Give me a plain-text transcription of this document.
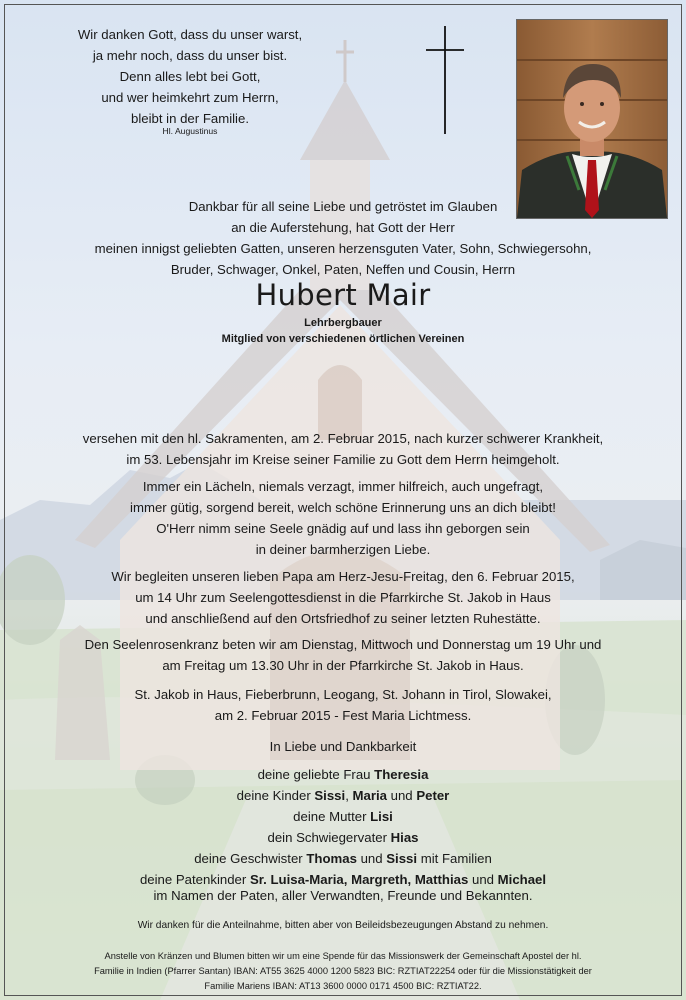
Wir danken Gott, dass du unser warst,
ja mehr noch, dass du unser bist.
Denn alles lebt bei Gott,
und wer heimkehrt zum Herrn,
bleibt in der Familie.
Hl. Augustinus
Dankbar für all seine Liebe und getröstet im Glauben
an die Auferstehung, hat Gott der Herr
meinen innigst geliebten Gatten, unseren herzensguten Vater, Sohn, Schwiegersohn,
Bruder, Schwager, Onkel, Paten, Neffen und Cousin, Herrn
Hubert Mair
Lehrbergbauer
Mitglied von verschiedenen örtlichen Vereinen
versehen mit den hl. Sakramenten, am 2. Februar 2015, nach kurzer schwerer Krankheit,
im 53. Lebensjahr im Kreise seiner Familie zu Gott dem Herrn heimgeholt.
Immer ein Lächeln, niemals verzagt, immer hilfreich, auch ungefragt,
immer gütig, sorgend bereit, welch schöne Erinnerung uns an dich bleibt!
O'Herr nimm seine Seele gnädig auf und lass ihn geborgen sein
in deiner barmherzigen Liebe.
Wir begleiten unseren lieben Papa am Herz-Jesu-Freitag, den 6. Februar 2015,
um 14 Uhr zum Seelengottesdienst in die Pfarrkirche St. Jakob in Haus
und anschließend auf den Ortsfriedhof zu seiner letzten Ruhestätte.
Den Seelenrosenkranz beten wir am Dienstag, Mittwoch und Donnerstag um 19 Uhr und
am Freitag um 13.30 Uhr in der Pfarrkirche St. Jakob in Haus.
St. Jakob in Haus, Fieberbrunn, Leogang, St. Johann in Tirol, Slowakei,
am 2. Februar 2015 - Fest Maria Lichtmess.
In Liebe und Dankbarkeit
deine geliebte Frau Theresia
deine Kinder Sissi, Maria und Peter
deine Mutter Lisi
dein Schwiegervater Hias
deine Geschwister Thomas und Sissi mit Familien
deine Patenkinder Sr. Luisa-Maria, Margreth, Matthias und Michael
im Namen der Paten, aller Verwandten, Freunde und Bekannten.
Wir danken für die Anteilnahme, bitten aber von Beileidsbezeugungen Abstand zu nehmen.
Anstelle von Kränzen und Blumen bitten wir um eine Spende für das Missionswerk der Gemeinschaft Apostel der hl.
Familie in Indien (Pfarrer Santan) IBAN: AT55 3625 4000 1200 5823 BIC: RZTIAT22254 oder für die Missionstätigkeit der
Familie Mariens IBAN: AT13 3600 0000 0171 4500 BIC: RZTIAT22.
